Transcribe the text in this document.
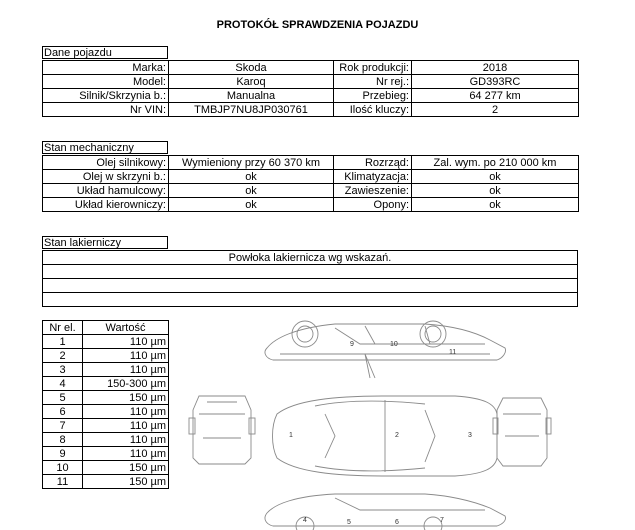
PROTOKÓŁ SPRAWDZENIA POJAZDU
Dane pojazdu
Marka:	Skoda	Rok produkcji:	2018
Model:	Karoq	Nr rej.:	GD393RC
Silnik/Skrzynia b.:	Manualna	Przebieg:	64 277 km
Nr VIN:	TMBJP7NU8JP030761	Ilość kluczy:	2
Stan mechaniczny
Olej silnikowy:	Wymieniony przy 60 370 km	Rozrząd:	Zal. wym. po 210 000 km
Olej w skrzyni b.:	ok	Klimatyzacja:	ok
Układ hamulcowy:	ok	Zawieszenie:	ok
Układ kierowniczy:	ok	Opony:	ok
Stan lakierniczy
Powłoka lakiernicza wg wskazań.

Nr el.	Wartość
1	110 µm
2	110 µm
3	110 µm
4	150-300 µm
5	150 µm
6	110 µm
7	110 µm
8	110 µm
9	110 µm
10	150 µm
11	150 µm
1	2	3
4	5	6	7
9	10
11
